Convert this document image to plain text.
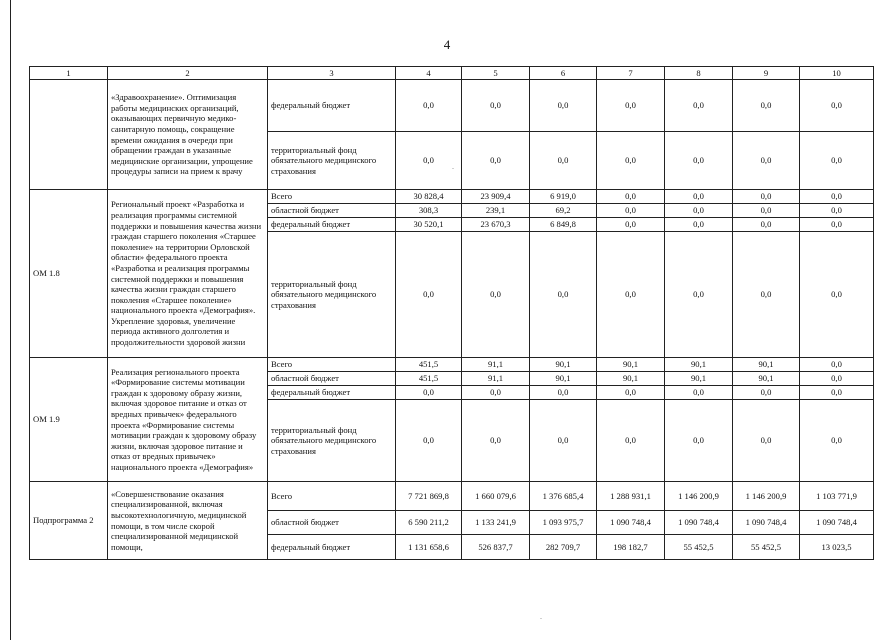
4
1	2	3	4	5	6	7	8	9	10
	«Здравоохранение». Оптимизация работы медицинских организаций, оказывающих первичную медико-санитарную помощь, сокращение времени ожидания в очереди при обращении граждан в указанные медицинские организации, упрощение процедуры записи на прием к врачу	федеральный бюджет	0,0	0,0	0,0	0,0	0,0	0,0	0,0
		территориальный фонд обязательного медицинского страхования	0,0	0,0	0,0	0,0	0,0	0,0	0,0
ОМ 1.8	Региональный проект «Разработка и реализация программы системной поддержки и повышения качества жизни граждан старшего поколения «Старшее поколение» на территории Орловской области» федерального проекта «Разработка и реализация программы системной поддержки и повышения качества жизни граждан старшего поколения «Старшее поколение» национального проекта «Демография». Укрепление здоровья, увеличение периода активного долголетия и продолжительности здоровой жизни	Всего	30 828,4	23 909,4	6 919,0	0,0	0,0	0,0	0,0
		областной бюджет	308,3	239,1	69,2	0,0	0,0	0,0	0,0
		федеральный бюджет	30 520,1	23 670,3	6 849,8	0,0	0,0	0,0	0,0
		территориальный фонд обязательного медицинского страхования	0,0	0,0	0,0	0,0	0,0	0,0	0,0
ОМ 1.9	Реализация регионального проекта «Формирование системы мотивации граждан к здоровому образу жизни, включая здоровое питание и отказ от вредных привычек» федерального проекта «Формирование системы мотивации граждан к здоровому образу жизни, включая здоровое питание и отказ от вредных привычек» национального проекта «Демография»	Всего	451,5	91,1	90,1	90,1	90,1	90,1	0,0
		областной бюджет	451,5	91,1	90,1	90,1	90,1	90,1	0,0
		федеральный бюджет	0,0	0,0	0,0	0,0	0,0	0,0	0,0
		территориальный фонд обязательного медицинского страхования	0,0	0,0	0,0	0,0	0,0	0,0	0,0
Подпрограмма 2	«Совершенствование оказания специализированной, включая высокотехнологичную, медицинской помощи, в том числе скорой специализированной медицинской помощи,	Всего	7 721 869,8	1 660 079,6	1 376 685,4	1 288 931,1	1 146 200,9	1 146 200,9	1 103 771,9
		областной бюджет	6 590 211,2	1 133 241,9	1 093 975,7	1 090 748,4	1 090 748,4	1 090 748,4	1 090 748,4
		федеральный бюджет	1 131 658,6	526 837,7	282 709,7	198 182,7	55 452,5	55 452,5	13 023,5
.
.
